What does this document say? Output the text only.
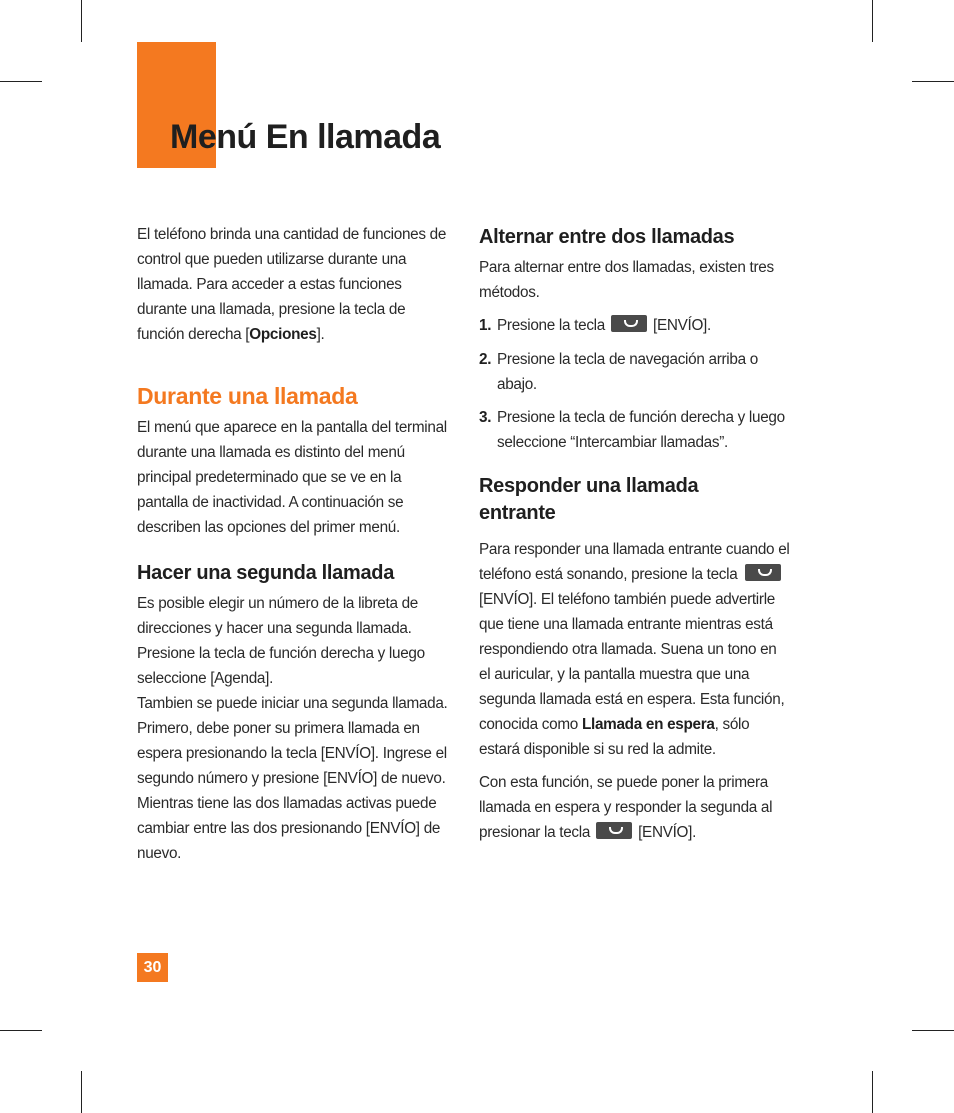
Menú En llamada

El teléfono brinda una cantidad de funciones de control que pueden utilizarse durante una llamada. Para acceder a estas funciones durante una llamada, presione la tecla de función derecha [Opciones].

Durante una llamada

El menú que aparece en la pantalla del terminal durante una llamada es distinto del menú principal predeterminado que se ve en la pantalla de inactividad. A continuación se describen las opciones del primer menú.

Hacer una segunda llamada

Es posible elegir un número de la libreta de direcciones y hacer una segunda llamada. Presione la tecla de función derecha y luego seleccione [Agenda].

Tambien se puede iniciar una segunda llamada. Primero, debe poner su primera llamada en espera presionando la tecla [ENVÍO]. Ingrese el segundo número y presione [ENVÍO] de nuevo. Mientras tiene las dos llamadas activas puede cambiar entre las dos presionando [ENVÍO] de nuevo.

Alternar entre dos llamadas

Para alternar entre dos llamadas, existen tres métodos.

1. Presione la tecla	[ENVÍO].
2. Presione la tecla de navegación arriba o abajo.
3. Presione la tecla de función derecha y luego seleccione “Intercambiar llamadas”.
Responder una llamada entrante

Para responder una llamada entrante cuando el teléfono está sonando, presione la tecla [ENVÍO]. El teléfono también puede advertirle que tiene una llamada entrante mientras está respondiendo otra llamada. Suena un tono en el auricular, y la pantalla muestra que una segunda llamada está en espera. Esta función, conocida como Llamada en espera, sólo estará disponible si su red la admite.

Con esta función, se puede poner la primera llamada en espera y responder la segunda al presionar la tecla	[ENVÍO].

30
